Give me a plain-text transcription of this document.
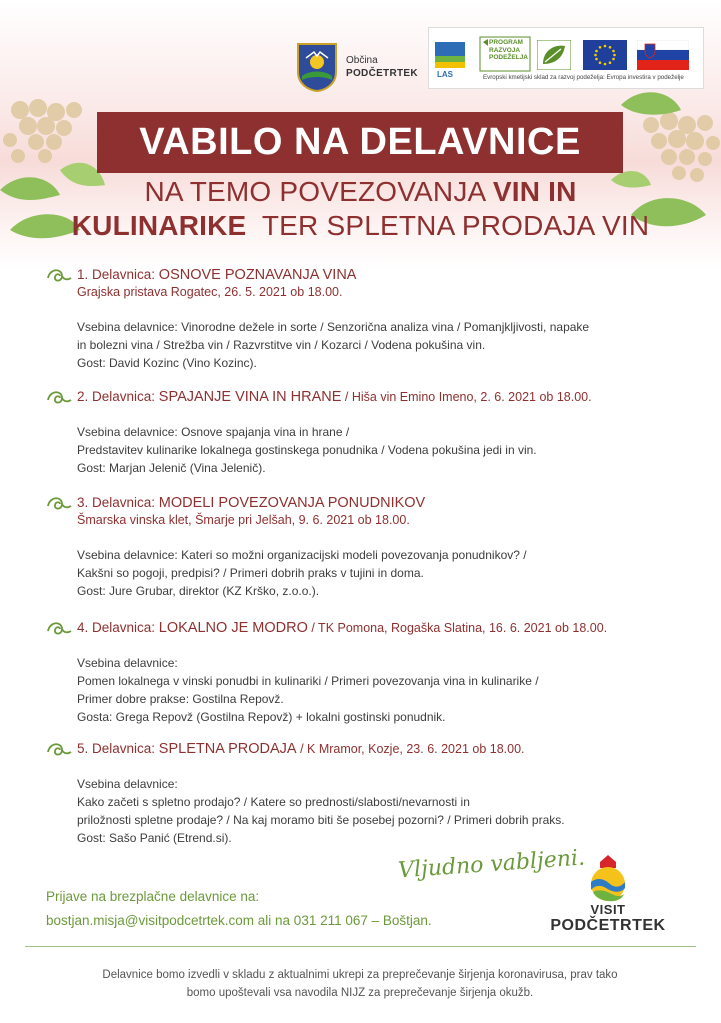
Občina
PODČETRTEK LAS
PROGRAM
RAZVOJA
PODEŽELJA
Evropski kmetijski sklad za razvoj podeželja: Evropa investira v podeželje
VABILO NA DELAVNICE
NA TEMO POVEZOVANJA VIN IN
KULINARIKE  TER SPLETNA PRODAJA VIN
1. Delavnica: OSNOVE POZNAVANJA VINA
Grajska pristava Rogatec, 26. 5. 2021 ob 18.00.
Vsebina delavnice: Vinorodne dežele in sorte / Senzorična analiza vina / Pomanjkljivosti, napake
in bolezni vina / Strežba vin / Razvrstitve vin / Kozarci / Vodena pokušina vin.
Gost: David Kozinc (Vino Kozinc).
2. Delavnica: SPAJANJE VINA IN HRANE / Hiša vin Emino Imeno, 2. 6. 2021 ob 18.00.
Vsebina delavnice: Osnove spajanja vina in hrane /
Predstavitev kulinarike lokalnega gostinskega ponudnika / Vodena pokušina jedi in vin.
Gost: Marjan Jelenič (Vina Jelenič).
3. Delavnica: MODELI POVEZOVANJA PONUDNIKOV
Šmarska vinska klet, Šmarje pri Jelšah, 9. 6. 2021 ob 18.00.
Vsebina delavnice: Kateri so možni organizacijski modeli povezovanja ponudnikov? /
Kakšni so pogoji, predpisi? / Primeri dobrih praks v tujini in doma.
Gost: Jure Grubar, direktor (KZ Krško, z.o.o.).
4. Delavnica: LOKALNO JE MODRO / TK Pomona, Rogaška Slatina, 16. 6. 2021 ob 18.00.
Vsebina delavnice:
Pomen lokalnega v vinski ponudbi in kulinariki / Primeri povezovanja vina in kulinarike /
Primer dobre prakse: Gostilna Repovž.
Gosta: Grega Repovž (Gostilna Repovž) + lokalni gostinski ponudnik.
5. Delavnica: SPLETNA PRODAJA / K Mramor, Kozje, 23. 6. 2021 ob 18.00.
Vsebina delavnice:
Kako začeti s spletno prodajo? / Katere so prednosti/slabosti/nevarnosti in
priložnosti spletne prodaje? / Na kaj moramo biti še posebej pozorni? / Primeri dobrih praks.
Gost: Sašo Panić (Etrend.si).
Vljudno vabljeni.
Prijave na brezplačne delavnice na:
bostjan.misja@visitpodcetrtek.com ali na 031 211 067 – Boštjan.
VISIT
PODČETRTEK
Delavnice bomo izvedli v skladu z aktualnimi ukrepi za preprečevanje širjenja koronavirusa, prav tako
bomo upoštevali vsa navodila NIJZ za preprečevanje širjenja okužb.
